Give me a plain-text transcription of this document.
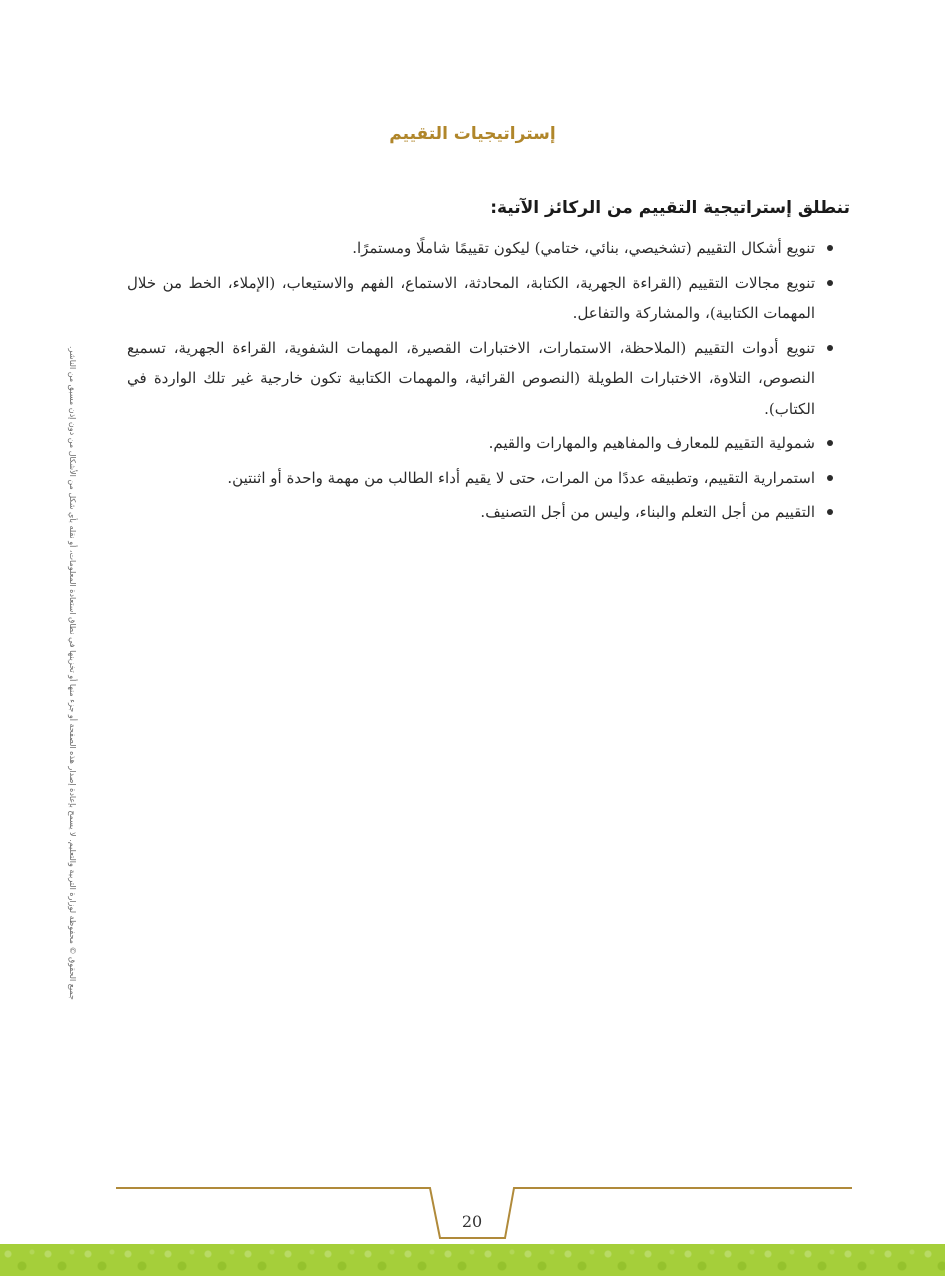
إستراتيجيات التقييم
تنطلق إستراتيجية التقييم من الركائز الآتية:
تنويع أشكال التقييم (تشخيصي، بنائي، ختامي) ليكون تقييمًا شاملًا ومستمرًا.
تنويع مجالات التقييم (القراءة الجهرية، الكتابة، المحادثة، الاستماع، الفهم والاستيعاب، (الإملاء، الخط من خلال المهمات الكتابية)، والمشاركة والتفاعل.
تنويع أدوات التقييم (الملاحظة، الاستمارات، الاختبارات القصيرة، المهمات الشفوية، القراءة الجهرية، تسميع النصوص، التلاوة، الاختبارات الطويلة (النصوص القرائية، والمهمات الكتابية تكون خارجية غير تلك الواردة في الكتاب).
شمولية التقييم للمعارف والمفاهيم والمهارات والقيم.
استمرارية التقييم، وتطبيقه عددًا من المرات، حتى لا يقيم أداء الطالب من مهمة واحدة أو اثنتين.
التقييم من أجل التعلم والبناء، وليس من أجل التصنيف.
جميع الحقوق © محفوظة لوزارة التربية والتعليم. لا يسمح بإعادة إصدار هذه الصفحة أو جزء منها أو تخزينها في نطاق استعادة المعلومات، أو نقله بأي شكل من الأشكال من دون إذن مسبق من الناشر.
20
